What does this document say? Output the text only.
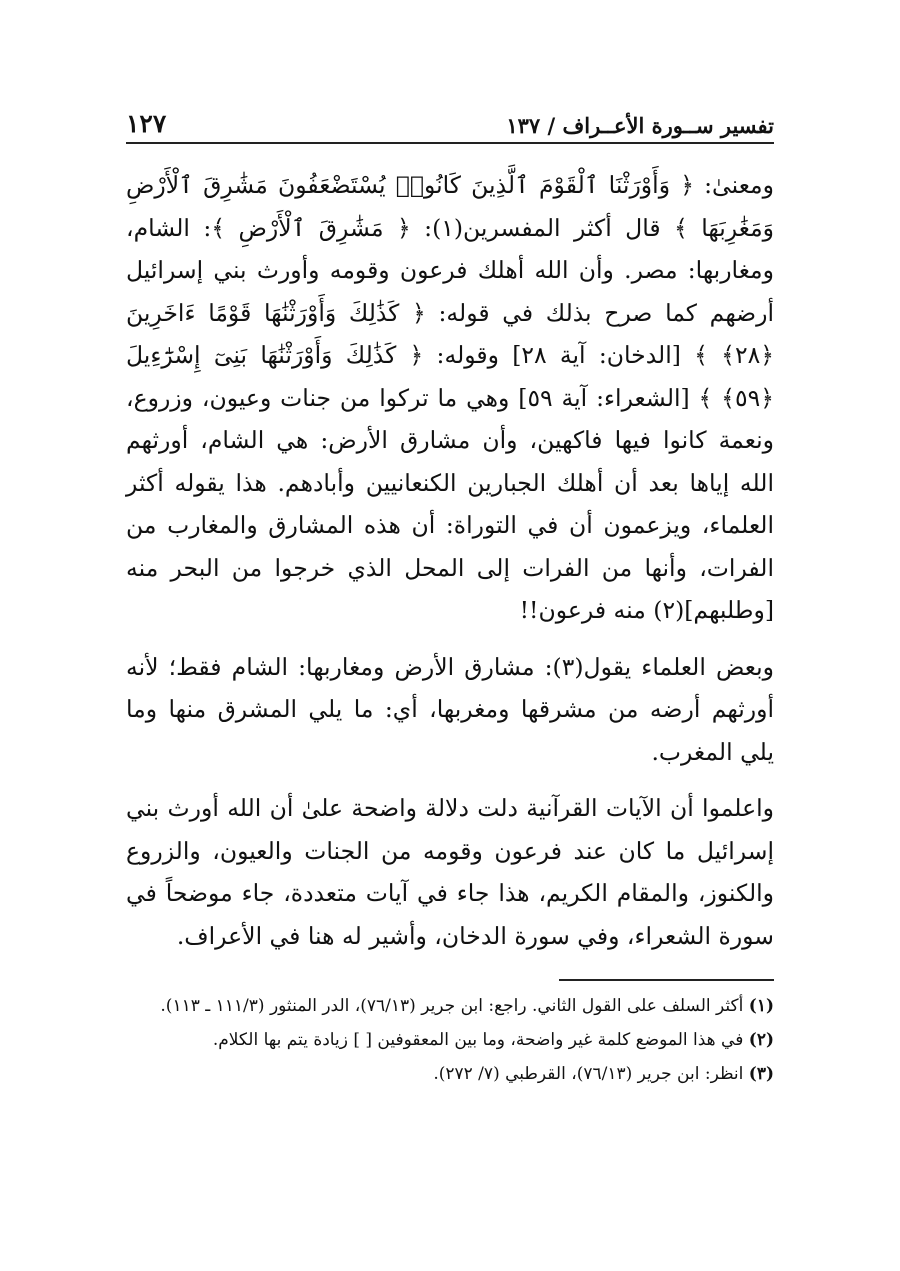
تفسير ســورة الأعــراف / ١٣٧
١٢٧

ومعنىٰ: ﴿ وَأَوْرَثْنَا ٱلْقَوْمَ ٱلَّذِينَ كَانُوا۟ يُسْتَضْعَفُونَ مَشَٰرِقَ ٱلْأَرْضِ وَمَغَٰرِبَهَا ﴾ قال أكثر المفسرين(١): ﴿ مَشَٰرِقَ ٱلْأَرْضِ ﴾: الشام، ومغاربها: مصر. وأن الله أهلك فرعون وقومه وأورث بني إسرائيل أرضهم كما صرح بذلك في قوله: ﴿ كَذَٰلِكَ وَأَوْرَثْنَٰهَا قَوْمًا ءَاخَرِينَ ﴿٢٨﴾ ﴾ [الدخان: آية ٢٨] وقوله: ﴿ كَذَٰلِكَ وَأَوْرَثْنَٰهَا بَنِىٓ إِسْرَٰٓءِيلَ ﴿٥٩﴾ ﴾ [الشعراء: آية ٥٩] وهي ما تركوا من جنات وعيون، وزروع، ونعمة كانوا فيها فاكهين، وأن مشارق الأرض: هي الشام، أورثهم الله إياها بعد أن أهلك الجبارين الكنعانيين وأبادهم. هذا يقوله أكثر العلماء، ويزعمون أن في التوراة: أن هذه المشارق والمغارب من الفرات، وأنها من الفرات إلى المحل الذي خرجوا من البحر منه [وطلبهم](٢) منه فرعون!!

وبعض العلماء يقول(٣): مشارق الأرض ومغاربها: الشام فقط؛ لأنه أورثهم أرضه من مشرقها ومغربها، أي: ما يلي المشرق منها وما يلي المغرب.

واعلموا أن الآيات القرآنية دلت دلالة واضحة علىٰ أن الله أورث بني إسرائيل ما كان عند فرعون وقومه من الجنات والعيون، والزروع والكنوز، والمقام الكريم، هذا جاء في آيات متعددة، جاء موضحاً في سورة الشعراء، وفي سورة الدخان، وأشير له هنا في الأعراف.

(١) أكثر السلف على القول الثاني. راجع: ابن جرير (٧٦/١٣)، الدر المنثور (١١١/٣ ـ ١١٣).

(٢) في هذا الموضع كلمة غير واضحة، وما بين المعقوفين [ ] زيادة يتم بها الكلام.

(٣) انظر: ابن جرير (٧٦/١٣)، القرطبي (٧/ ٢٧٢).
